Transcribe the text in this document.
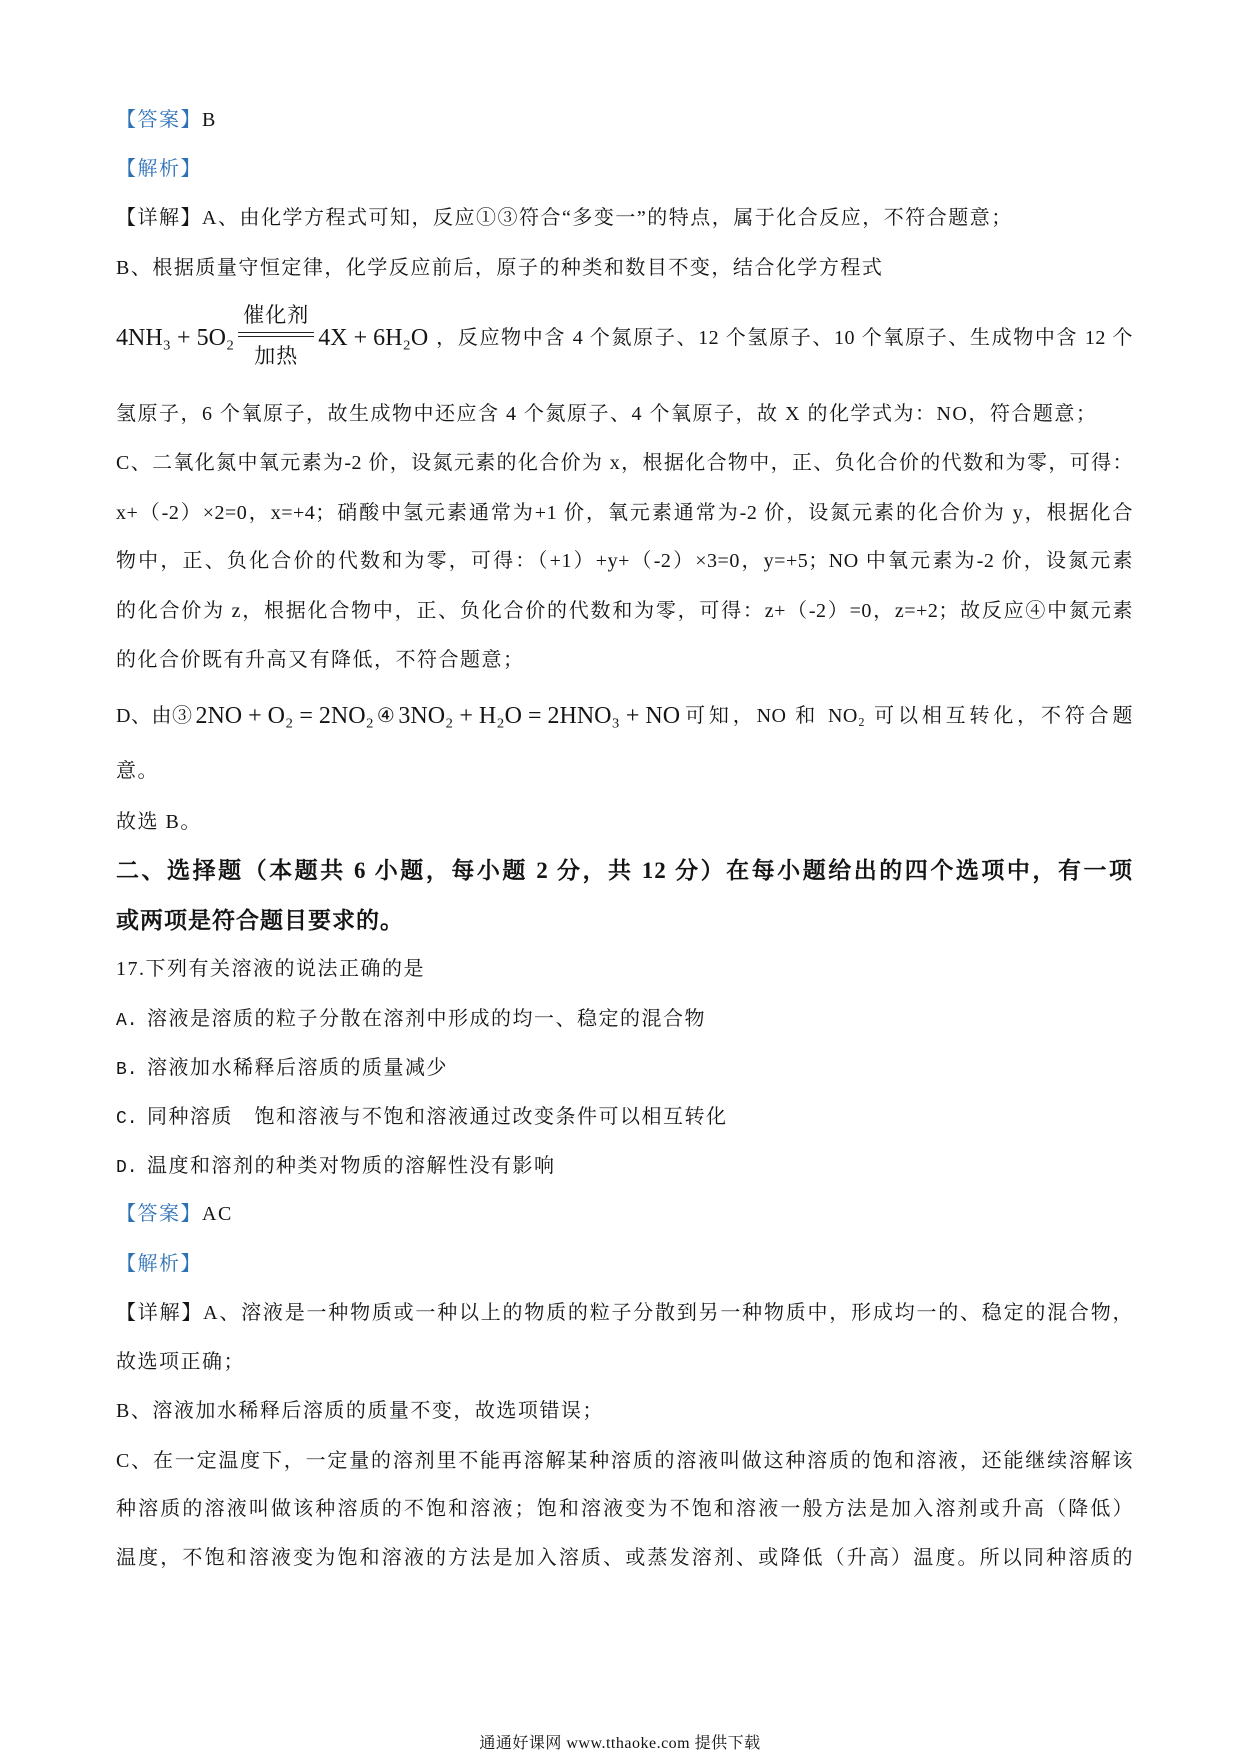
【答案】B
【解析】
【详解】A、由化学方程式可知，反应①③符合“多变一”的特点，属于化合反应，不符合题意；
B、根据质量守恒定律，化学反应前后，原子的种类和数目不变，结合化学方程式
4NH₃ + 5O₂
催化剂
加热
4X + 6H₂O ，反应物中含 4 个氮原子、12 个氢原子、10 个氧原子、生成物中含 12 个
氢原子，6 个氧原子，故生成物中还应含 4 个氮原子、4 个氧原子，故 X 的化学式为：NO，符合题意；
C、二氧化氮中氧元素为-2 价，设氮元素的化合价为 x，根据化合物中，正、负化合价的代数和为零，可得：
x+（-2）×2=0，x=+4；硝酸中氢元素通常为+1 价，氧元素通常为-2 价，设氮元素的化合价为 y，根据化合
物中，正、负化合价的代数和为零，可得：（+1）+y+（-2）×3=0，y=+5；NO 中氧元素为-2 价，设氮元素
的化合价为 z，根据化合物中，正、负化合价的代数和为零，可得：z+（-2）=0，z=+2；故反应④中氮元素
的化合价既有升高又有降低，不符合题意；
D、由③ 2NO + O₂ = 2NO₂ ④ 3NO₂ + H₂O = 2HNO₃ + NO 可知，NO 和 NO₂ 可以相互转化，不符合题
意。
故选 B。
二、选择题（本题共 6 小题，每小题 2 分，共 12 分）在每小题给出的四个选项中，有一项
或两项是符合题目要求的。
17.下列有关溶液的说法正确的是
A. 溶液是溶质的粒子分散在溶剂中形成的均一、稳定的混合物
B. 溶液加水稀释后溶质的质量减少
C. 同种溶质　饱和溶液与不饱和溶液通过改变条件可以相互转化
D. 温度和溶剂的种类对物质的溶解性没有影响
【答案】AC
【解析】
【详解】A、溶液是一种物质或一种以上的物质的粒子分散到另一种物质中，形成均一的、稳定的混合物，
故选项正确；
B、溶液加水稀释后溶质的质量不变，故选项错误；
C、在一定温度下，一定量的溶剂里不能再溶解某种溶质的溶液叫做这种溶质的饱和溶液，还能继续溶解该
种溶质的溶液叫做该种溶质的不饱和溶液；饱和溶液变为不饱和溶液一般方法是加入溶剂或升高（降低）
温度，不饱和溶液变为饱和溶液的方法是加入溶质、或蒸发溶剂、或降低（升高）温度。所以同种溶质的
通通好课网 www.tthaoke.com 提供下载
